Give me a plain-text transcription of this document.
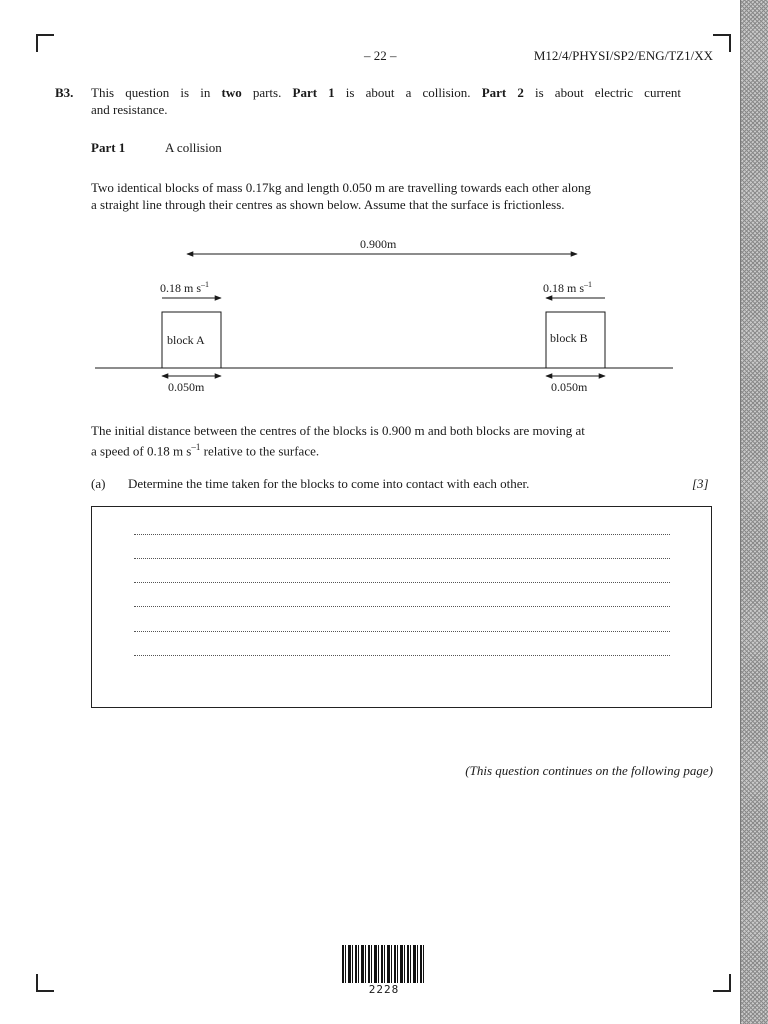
– 22 –	M12/4/PHYSI/SP2/ENG/TZ1/XX
B3. This question is in two parts. Part 1 is about a collision. Part 2 is about electric current
and resistance.
Part 1	A collision
Two identical blocks of mass 0.17kg and length 0.050 m are travelling towards each other along
a straight line through their centres as shown below. Assume that the surface is frictionless.
0.900m
0.18 m $s^{-1}$	0.18 m $s^{-1}$
block A	block B
0.050m	0.050m
The initial distance between the centres of the blocks is 0.900 m and both blocks are moving at
a speed of 0.18 m $s^{-1}$ relative to the surface.
(a) Determine the time taken for the blocks to come into contact with each other.	[3]
(This question continues on the following page)
2228
